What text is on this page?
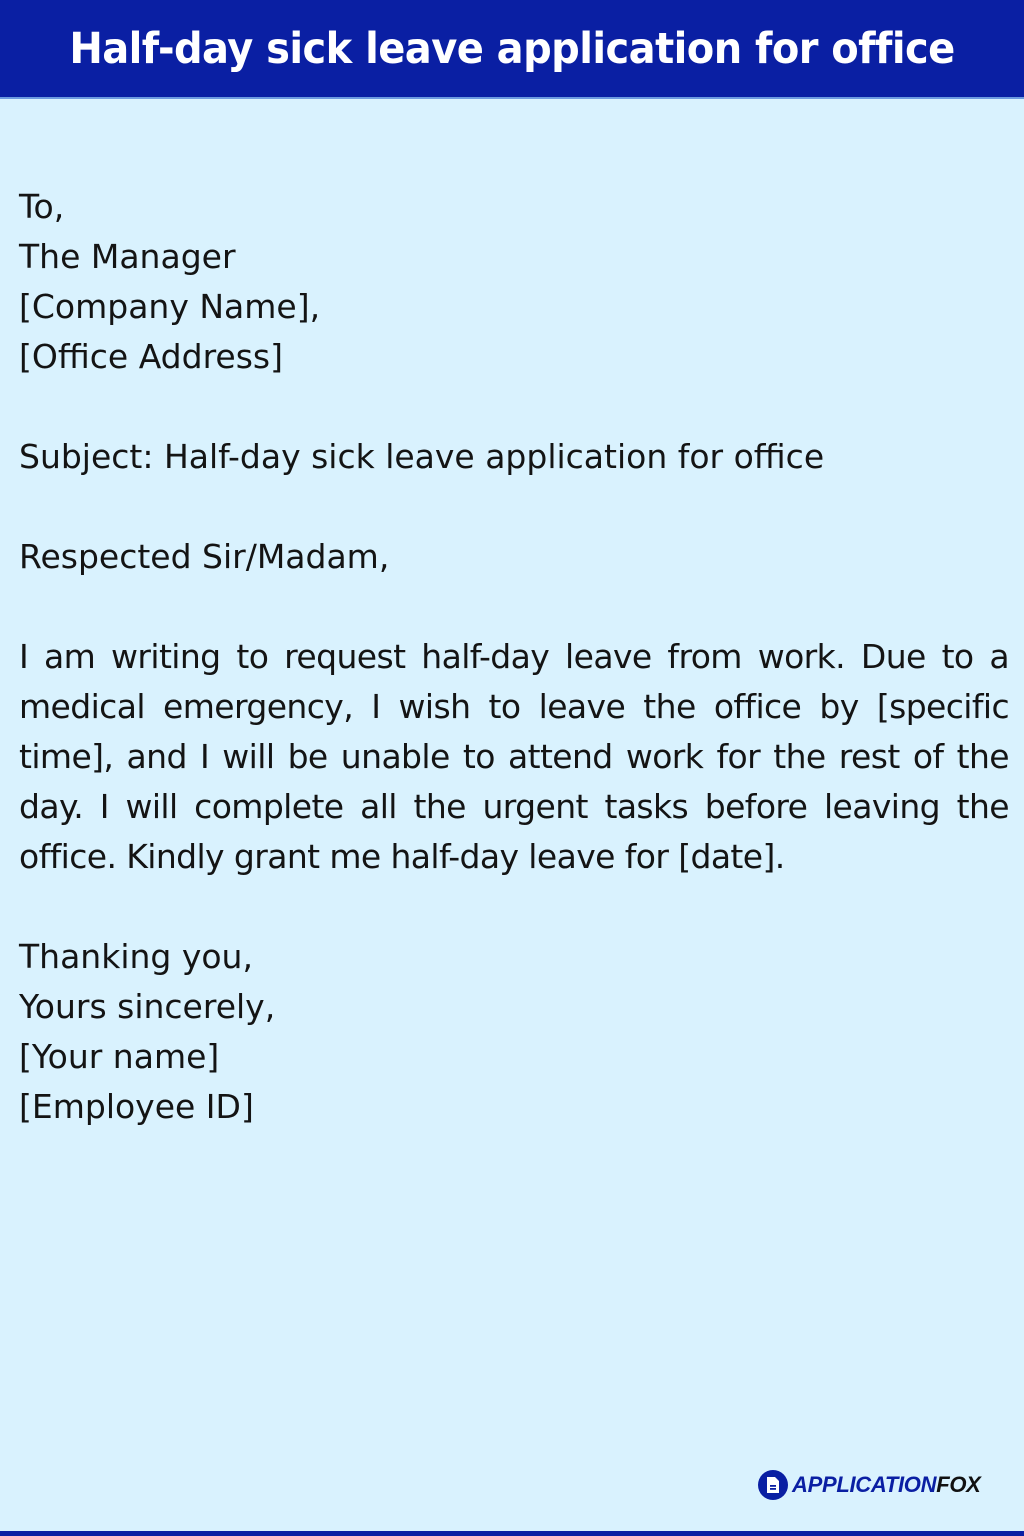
Half-day sick leave application for office
To,
The Manager
[Company Name],
[Office Address]
Subject: Half-day sick leave application for office
Respected Sir/Madam,
I am writing to request half-day leave from work. Due to a medical emergency, I wish to leave the office by [specific time], and I will be unable to attend work for the rest of the day. I will complete all the urgent tasks before leaving the office. Kindly grant me half-day leave for [date].
Thanking you,
Yours sincerely,
[Your name]
[Employee ID]
APPLICATIONFOX
